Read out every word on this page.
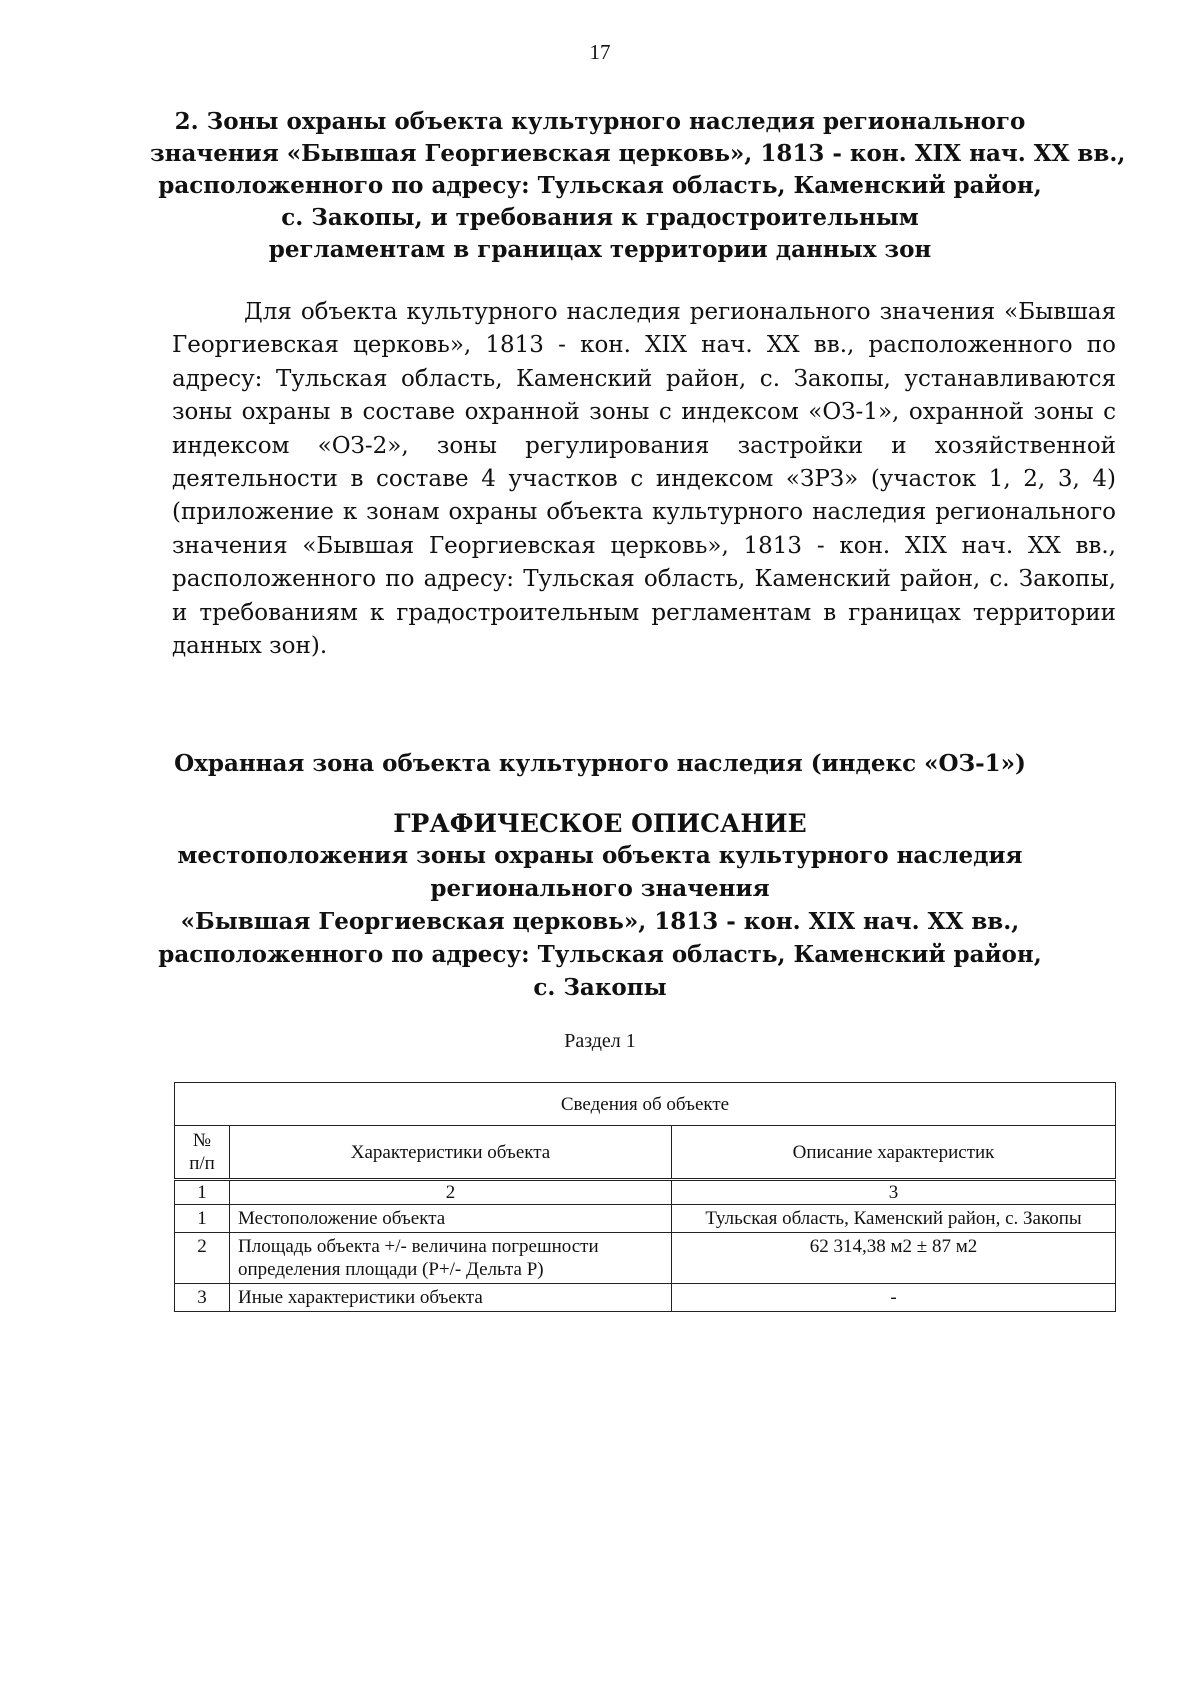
17
2. Зоны охраны объекта культурного наследия регионального
значения «Бывшая Георгиевская церковь», 1813 - кон. XIX нач. XX вв.,
расположенного по адресу: Тульская область, Каменский район,
с. Закопы, и требования к градостроительным
регламентам в границах территории данных зон

Для объекта культурного наследия регионального значения «Бывшая Георгиевская церковь», 1813 - кон. XIX нач. XX вв., расположенного по адресу: Тульская область, Каменский район, с. Закопы, устанавливаются зоны охраны в составе охранной зоны с индексом «ОЗ-1», охранной зоны с индексом «ОЗ-2», зоны регулирования застройки и хозяйственной деятельности в составе 4 участков с индексом «ЗРЗ» (участок 1, 2, 3, 4) (приложение к зонам охраны объекта культурного наследия регионального значения «Бывшая Георгиевская церковь», 1813 - кон. XIX нач. XX вв., расположенного по адресу: Тульская область, Каменский район, с. Закопы, и требованиям к градостроительным регламентам в границах территории данных зон).

Охранная зона объекта культурного наследия (индекс «ОЗ-1»)
ГРАФИЧЕСКОЕ ОПИСАНИЕ
местоположения зоны охраны объекта культурного наследия
регионального значения
«Бывшая Георгиевская церковь», 1813 - кон. XIX нач. XX вв.,
расположенного по адресу: Тульская область, Каменский район,
с. Закопы
Раздел 1
Сведения об объекте		
№ п/п	Характеристики объекта	Описание характеристик
1	2	3
1	Местоположение объекта	Тульская область, Каменский район, с. Закопы
2	Площадь объекта +/- величина погрешности определения площади (Р+/- Дельта Р)	62 314,38 м2 ± 87 м2
3	Иные характеристики объекта	-
